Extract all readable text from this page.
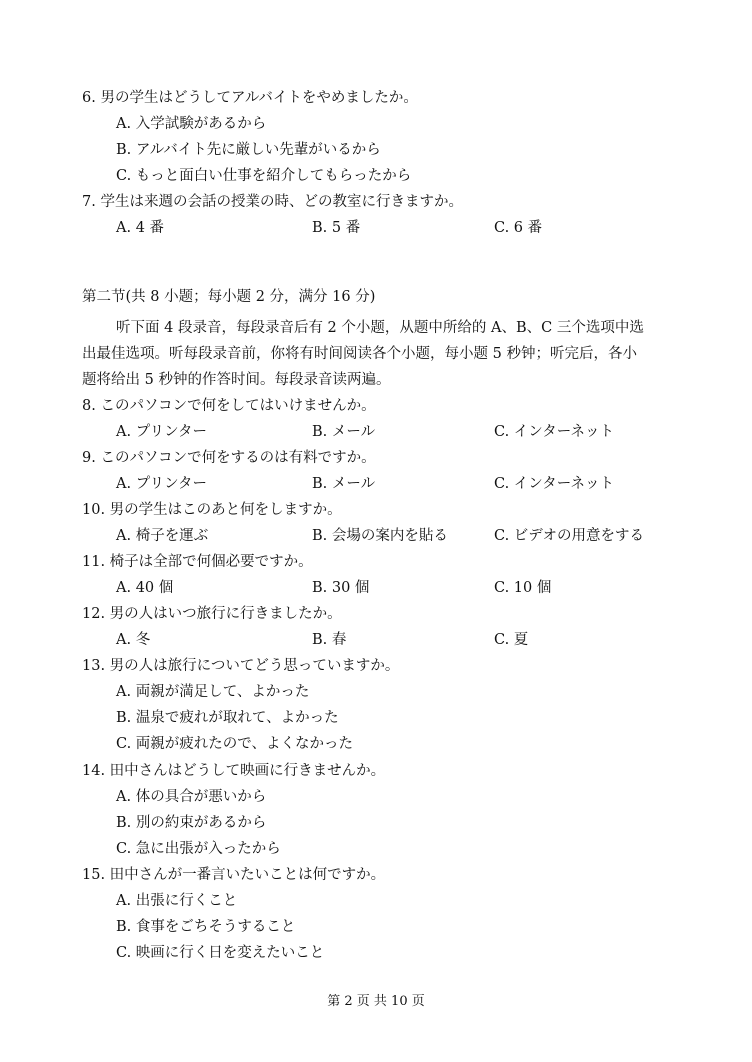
6. 男の学生はどうしてアルバイトをやめましたか。
A. 入学試験があるから
B. アルバイト先に厳しい先輩がいるから
C. もっと面白い仕事を紹介してもらったから
7. 学生は来週の会話の授業の時、どの教室に行きますか。
A. 4 番	B. 5 番	C. 6 番
第二节(共 8 小题；每小题 2 分，满分 16 分)
听下面 4 段录音，每段录音后有 2 个小题，从题中所给的 A、B、C 三个选项中选
出最佳选项。听每段录音前，你将有时间阅读各个小题，每小题 5 秒钟；听完后，各小
题将给出 5 秒钟的作答时间。每段录音读两遍。
8. このパソコンで何をしてはいけませんか。
A. プリンター	B. メール	C. インターネット
9. このパソコンで何をするのは有料ですか。
A. プリンター	B. メール	C. インターネット
10. 男の学生はこのあと何をしますか。
A. 椅子を運ぶ	B. 会場の案内を貼る	C. ビデオの用意をする
11. 椅子は全部で何個必要ですか。
A. 40 個	B. 30 個	C. 10 個
12. 男の人はいつ旅行に行きましたか。
A. 冬	B. 春	C. 夏
13. 男の人は旅行についてどう思っていますか。
A. 両親が満足して、よかった
B. 温泉で疲れが取れて、よかった
C. 両親が疲れたので、よくなかった
14. 田中さんはどうして映画に行きませんか。
A. 体の具合が悪いから
B. 別の約束があるから
C. 急に出張が入ったから
15. 田中さんが一番言いたいことは何ですか。
A. 出張に行くこと
B. 食事をごちそうすること
C. 映画に行く日を変えたいこと
第 2 页 共 10 页
